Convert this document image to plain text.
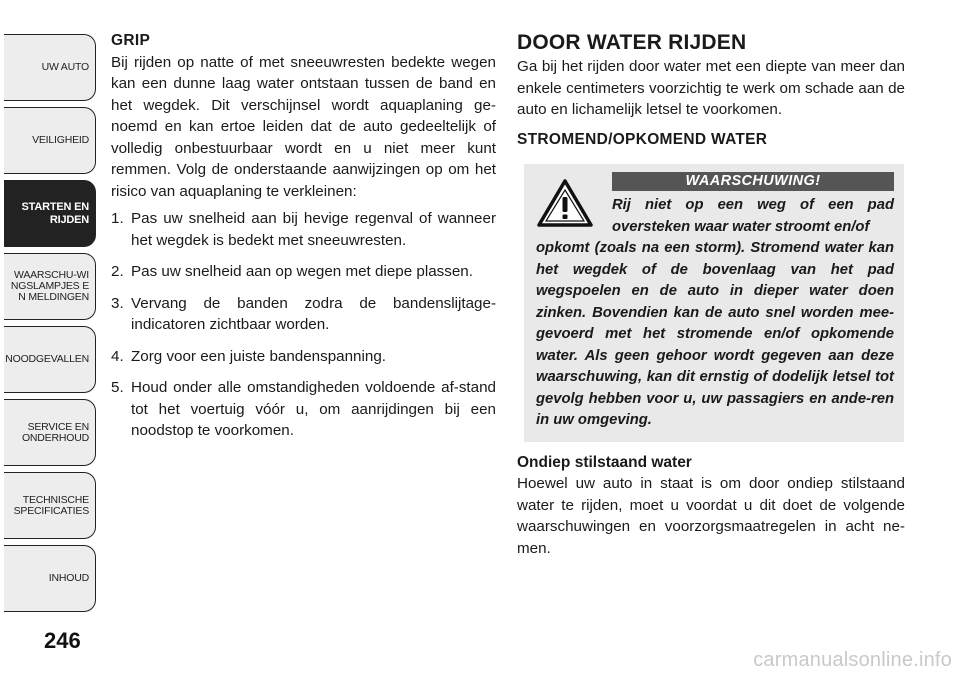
UW AUTO
VEILIGHEID
STARTEN EN RIJDEN
WAARSCHU-WINGSLAMPJES EN MELDINGEN
NOODGEVALLEN
SERVICE EN ONDERHOUD
TECHNISCHE SPECIFICATIES
INHOUD
246

GRIP

Bij rijden op natte of met sneeuwresten bedekte wegen kan een dunne laag water ontstaan tussen de band en het wegdek. Dit verschijnsel wordt aquaplaning ge-noemd en kan ertoe leiden dat de auto gedeeltelijk of volledig onbestuurbaar wordt en u niet meer kunt remmen. Volg de onderstaande aanwijzingen op om het risico van aquaplaning te verkleinen:

1. Pas uw snelheid aan bij hevige regenval of wanneer het wegdek is bedekt met sneeuwresten.
2. Pas uw snelheid aan op wegen met diepe plassen.
3. Vervang de banden zodra de bandenslijtage-indicatoren zichtbaar worden.
4. Zorg voor een juiste bandenspanning.
5. Houd onder alle omstandigheden voldoende af-stand tot het voertuig vóór u, om aanrijdingen bij een noodstop te voorkomen.

DOOR WATER RIJDEN

Ga bij het rijden door water met een diepte van meer dan enkele centimeters voorzichtig te werk om schade aan de auto en lichamelijk letsel te voorkomen.

STROMEND/OPKOMEND WATER

WAARSCHUWING!

Rij niet op een weg of een pad oversteken waar water stroomt en/of
opkomt (zoals na een storm). Stromend water kan het wegdek of de bovenlaag van het pad wegspoelen en de auto in dieper water doen zinken. Bovendien kan de auto snel worden mee-gevoerd met het stromende en/of opkomende water. Als geen gehoor wordt gegeven aan deze waarschuwing, kan dit ernstig of dodelijk letsel tot gevolg hebben voor u, uw passagiers en ande-ren in uw omgeving.

Ondiep stilstaand water

Hoewel uw auto in staat is om door ondiep stilstaand water te rijden, moet u voordat u dit doet de volgende waarschuwingen en voorzorgsmaatregelen in acht ne-men.

carmanualsonline.info
